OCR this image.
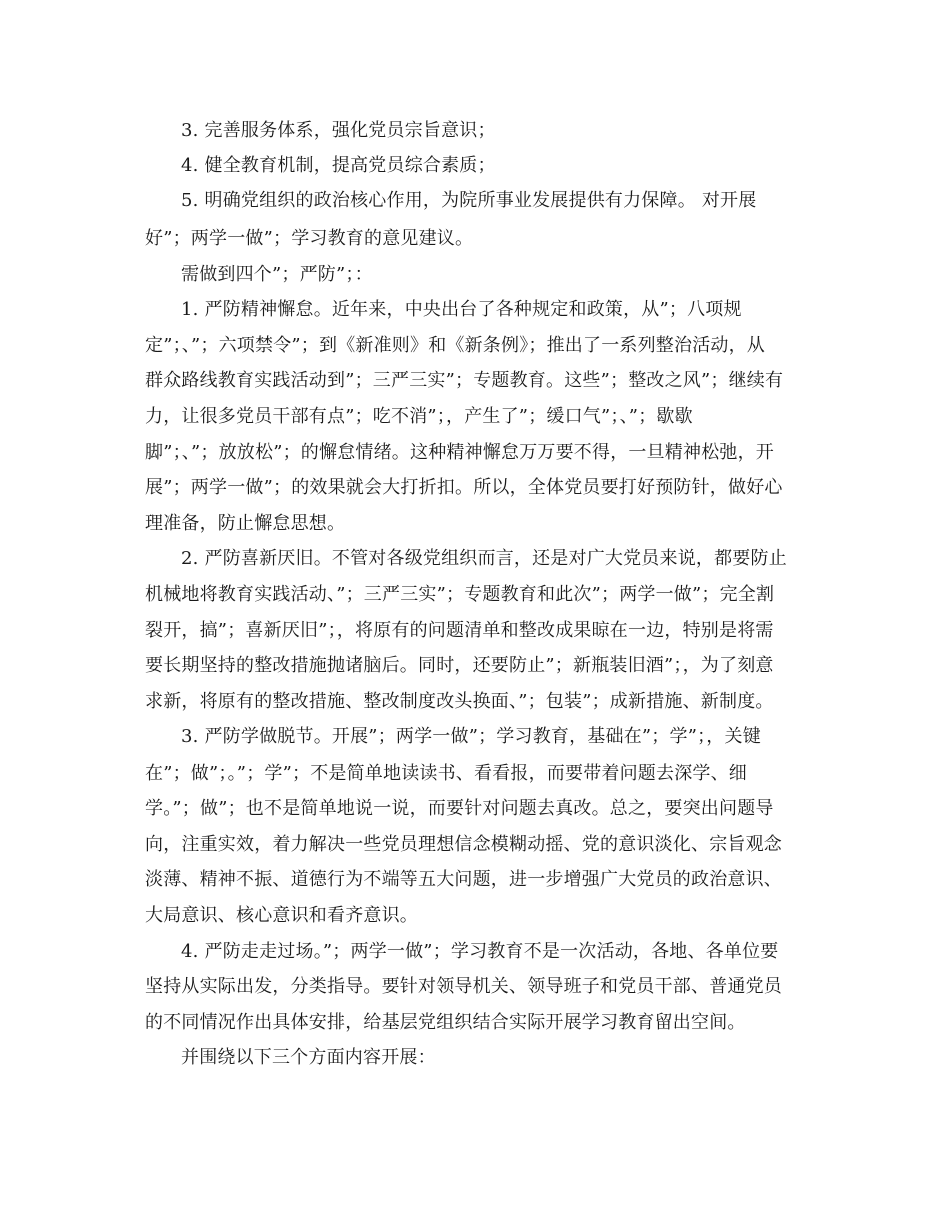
3. 完善服务体系，强化党员宗旨意识；
4. 健全教育机制，提高党员综合素质；
5. 明确党组织的政治核心作用，为院所事业发展提供有力保障。 对开展
好”；两学一做”；学习教育的意见建议。
需做到四个”；严防”；：
1. 严防精神懈怠。近年来，中央出台了各种规定和政策，从”；八项规
定”；、”；六项禁令”；到《新准则》和《新条例》；推出了一系列整治活动，从
群众路线教育实践活动到”；三严三实”；专题教育。这些”；整改之风”；继续有
力，让很多党员干部有点”；吃不消”；，产生了”；缓口气”；、”；歇歇
脚”；、”；放放松”；的懈怠情绪。这种精神懈怠万万要不得，一旦精神松弛，开
展”；两学一做”；的效果就会大打折扣。所以，全体党员要打好预防针，做好心
理准备，防止懈怠思想。
2. 严防喜新厌旧。不管对各级党组织而言，还是对广大党员来说，都要防止
机械地将教育实践活动、”；三严三实”；专题教育和此次”；两学一做”；完全割
裂开，搞”；喜新厌旧”；，将原有的问题清单和整改成果晾在一边，特别是将需
要长期坚持的整改措施抛诸脑后。同时，还要防止”；新瓶装旧酒”；，为了刻意
求新，将原有的整改措施、整改制度改头换面、”；包装”；成新措施、新制度。
3. 严防学做脱节。开展”；两学一做”；学习教育，基础在”；学”；，关键
在”；做”；。”；学”；不是简单地读读书、看看报，而要带着问题去深学、细
学。”；做”；也不是简单地说一说，而要针对问题去真改。总之，要突出问题导
向，注重实效，着力解决一些党员理想信念模糊动摇、党的意识淡化、宗旨观念
淡薄、精神不振、道德行为不端等五大问题，进一步增强广大党员的政治意识、
大局意识、核心意识和看齐意识。
4. 严防走走过场。”；两学一做”；学习教育不是一次活动，各地、各单位要
坚持从实际出发，分类指导。要针对领导机关、领导班子和党员干部、普通党员
的不同情况作出具体安排，给基层党组织结合实际开展学习教育留出空间。
并围绕以下三个方面内容开展：
